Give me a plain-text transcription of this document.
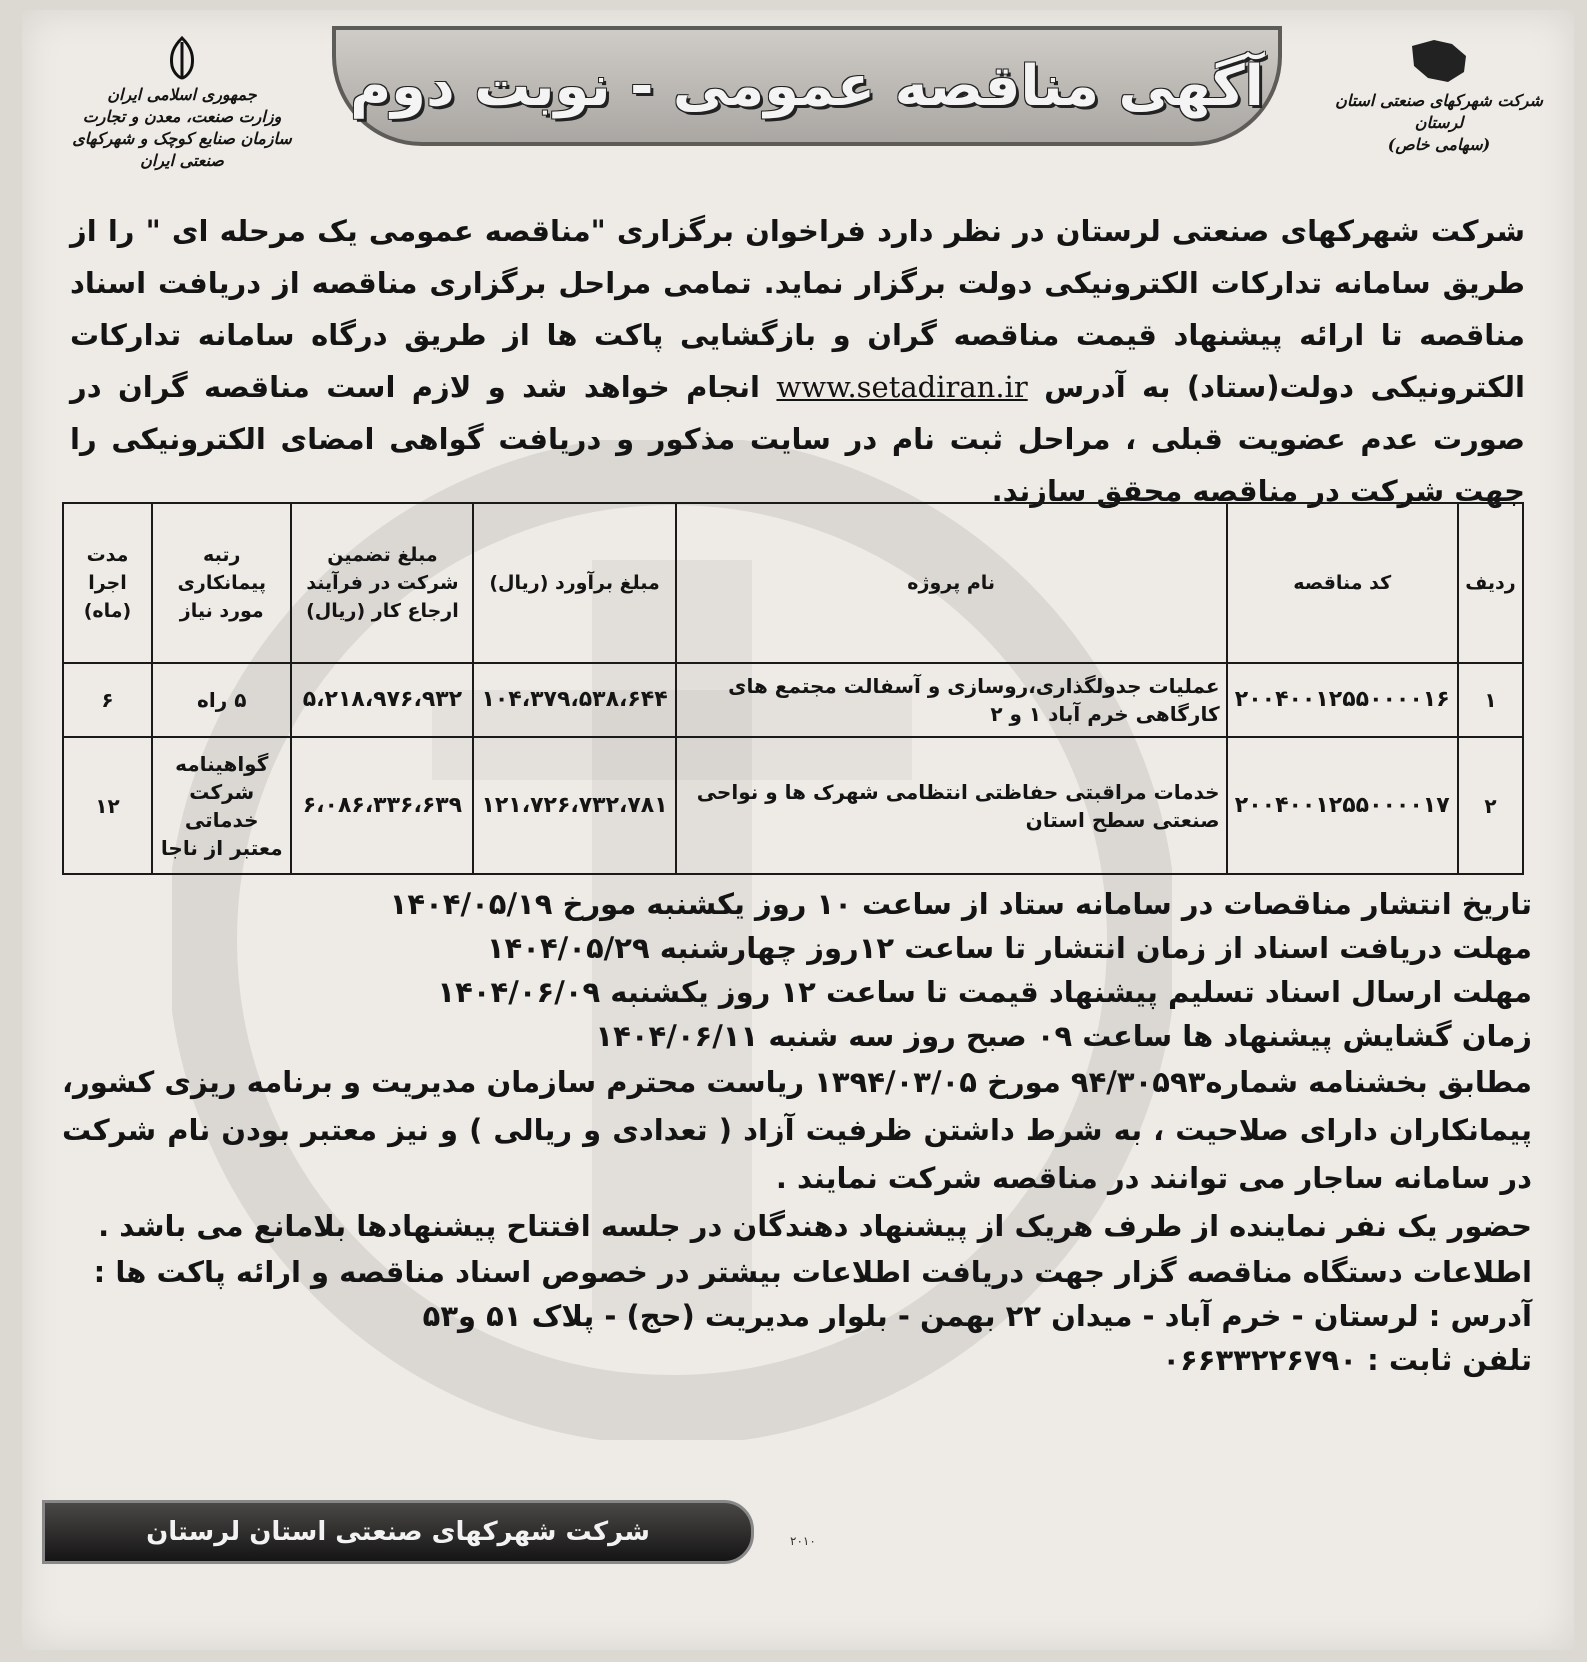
جمهوری اسلامی ایران
وزارت صنعت، معدن و تجارت
سازمان صنایع کوچک و شهرکهای صنعتی ایران
آگهی مناقصه عمومی - نوبت دوم	شرکت شهرکهای صنعتی استان لرستان
(سهامی خاص)
شرکت شهرکهای صنعتی لرستان در نظر دارد فراخوان برگزاری "مناقصه عمومی یک مرحله ای " را از طریق سامانه تدارکات الکترونیکی دولت برگزار نماید. تمامی مراحل برگزاری مناقصه از دریافت اسناد مناقصه تا ارائه پیشنهاد قیمت مناقصه گران و بازگشایی پاکت ها از طریق درگاه سامانه تدارکات الکترونیکی دولت(ستاد) به آدرس www.setadiran.ir انجام خواهد شد و لازم است مناقصه گران در صورت عدم عضویت قبلی ، مراحل ثبت نام در سایت مذکور و دریافت گواهی امضای الکترونیکی را جهت شرکت در مناقصه محقق سازند.
ردیف	کد مناقصه	نام پروژه	مبلغ برآورد (ریال)	مبلغ تضمین شرکت در فرآیند ارجاع کار (ریال)	رتبه پیمانکاری مورد نیاز	مدت اجرا (ماه)
۱	۲۰۰۴۰۰۱۲۵۵۰۰۰۰۱۶	عملیات جدولگذاری،روسازی و آسفالت مجتمع های کارگاهی خرم آباد ۱ و ۲	۱۰۴،۳۷۹،۵۳۸،۶۴۴	۵،۲۱۸،۹۷۶،۹۳۲	۵ راه	۶
۲	۲۰۰۴۰۰۱۲۵۵۰۰۰۰۱۷	خدمات مراقبتی حفاظتی انتظامی شهرک ها و نواحی صنعتی سطح استان	۱۲۱،۷۲۶،۷۳۲،۷۸۱	۶،۰۸۶،۳۳۶،۶۳۹	گواهینامه شرکت خدماتی معتبر از ناجا	۱۲
تاریخ انتشار مناقصات در سامانه ستاد از ساعت ۱۰ روز یکشنبه مورخ ۱۴۰۴/۰۵/۱۹
مهلت دریافت اسناد از زمان انتشار تا ساعت ۱۲روز چهارشنبه ۱۴۰۴/۰۵/۲۹
مهلت ارسال اسناد تسلیم پیشنهاد قیمت تا ساعت ۱۲ روز یکشنبه ۱۴۰۴/۰۶/۰۹
زمان گشایش پیشنهاد ها ساعت ۰۹ صبح روز سه شنبه ۱۴۰۴/۰۶/۱۱
مطابق بخشنامه شماره۹۴/۳۰۵۹۳ مورخ ۱۳۹۴/۰۳/۰۵ ریاست محترم سازمان مدیریت و برنامه ریزی کشور، پیمانکاران دارای صلاحیت ، به شرط داشتن ظرفیت آزاد ( تعدادی و ریالی ) و نیز معتبر بودن نام شرکت در سامانه ساجار می توانند در مناقصه شرکت نمایند .
حضور یک نفر نماینده از طرف هریک از پیشنهاد دهندگان در جلسه افتتاح پیشنهادها بلامانع می باشد .
اطلاعات دستگاه مناقصه گزار جهت دریافت اطلاعات بیشتر در خصوص اسناد مناقصه و ارائه پاکت ها :
آدرس : لرستان - خرم آباد - میدان ۲۲ بهمن - بلوار مدیریت (حج) - پلاک ۵۱ و۵۳
تلفن ثابت : ۰۶۶۳۳۲۲۶۷۹۰
شرکت شهرکهای صنعتی استان لرستان	۲۰۱۰
